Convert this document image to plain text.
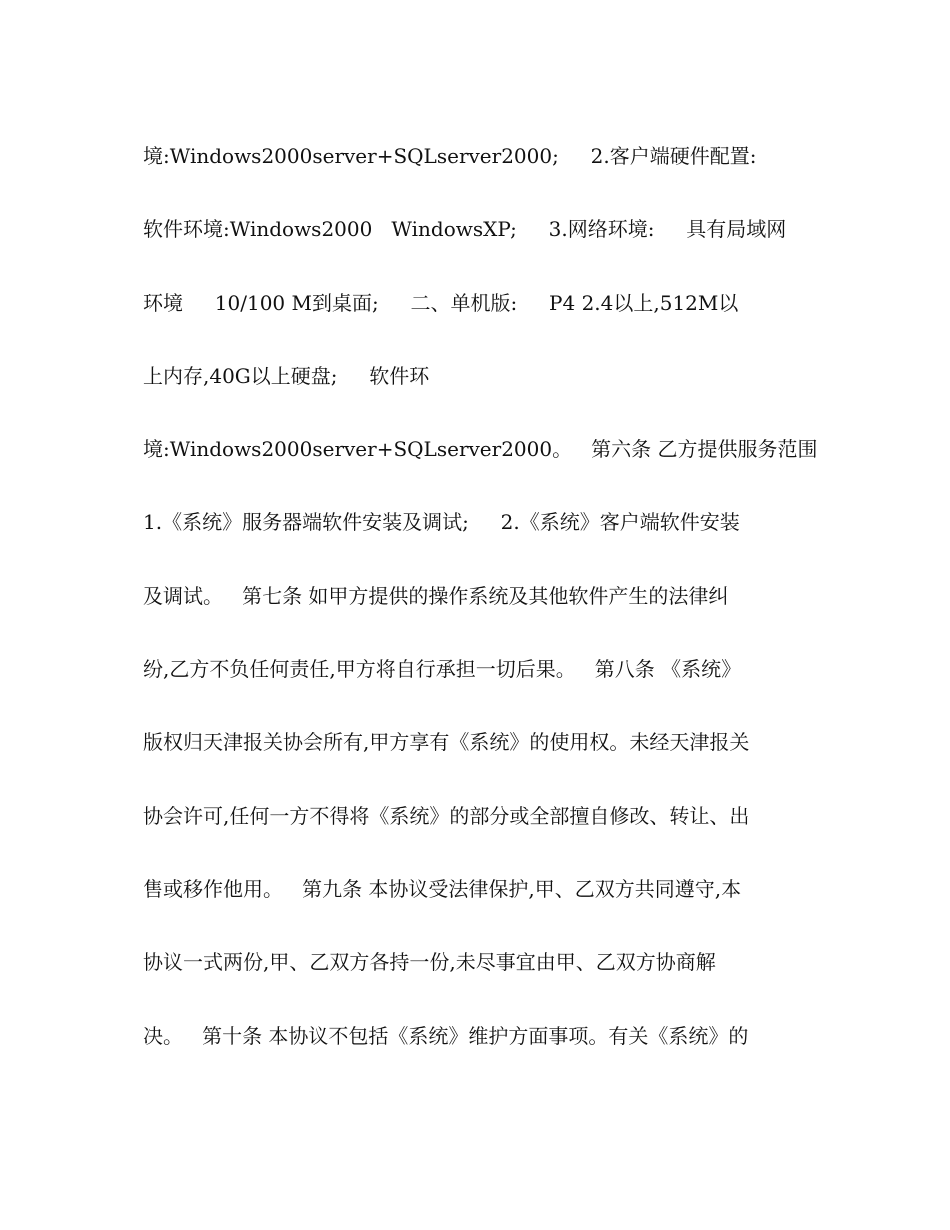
境:Windows2000server+SQLserver2000;     2.客户端硬件配置:
软件环境:Windows2000   WindowsXP;     3.网络环境:     具有局域网
环境     10/100 M到桌面;     二、单机版:     P4 2.4以上,512M以
上内存,40G以上硬盘;     软件环
境:Windows2000server+SQLserver2000。   第六条 乙方提供服务范围
1.《系统》服务器端软件安装及调试;     2.《系统》客户端软件安装
及调试。   第七条 如甲方提供的操作系统及其他软件产生的法律纠
纷,乙方不负任何责任,甲方将自行承担一切后果。   第八条 《系统》
版权归天津报关协会所有,甲方享有《系统》的使用权。未经天津报关
协会许可,任何一方不得将《系统》的部分或全部擅自修改、转让、出
售或移作他用。   第九条 本协议受法律保护,甲、乙双方共同遵守,本
协议一式两份,甲、乙双方各持一份,未尽事宜由甲、乙双方协商解
决。   第十条 本协议不包括《系统》维护方面事项。有关《系统》的
